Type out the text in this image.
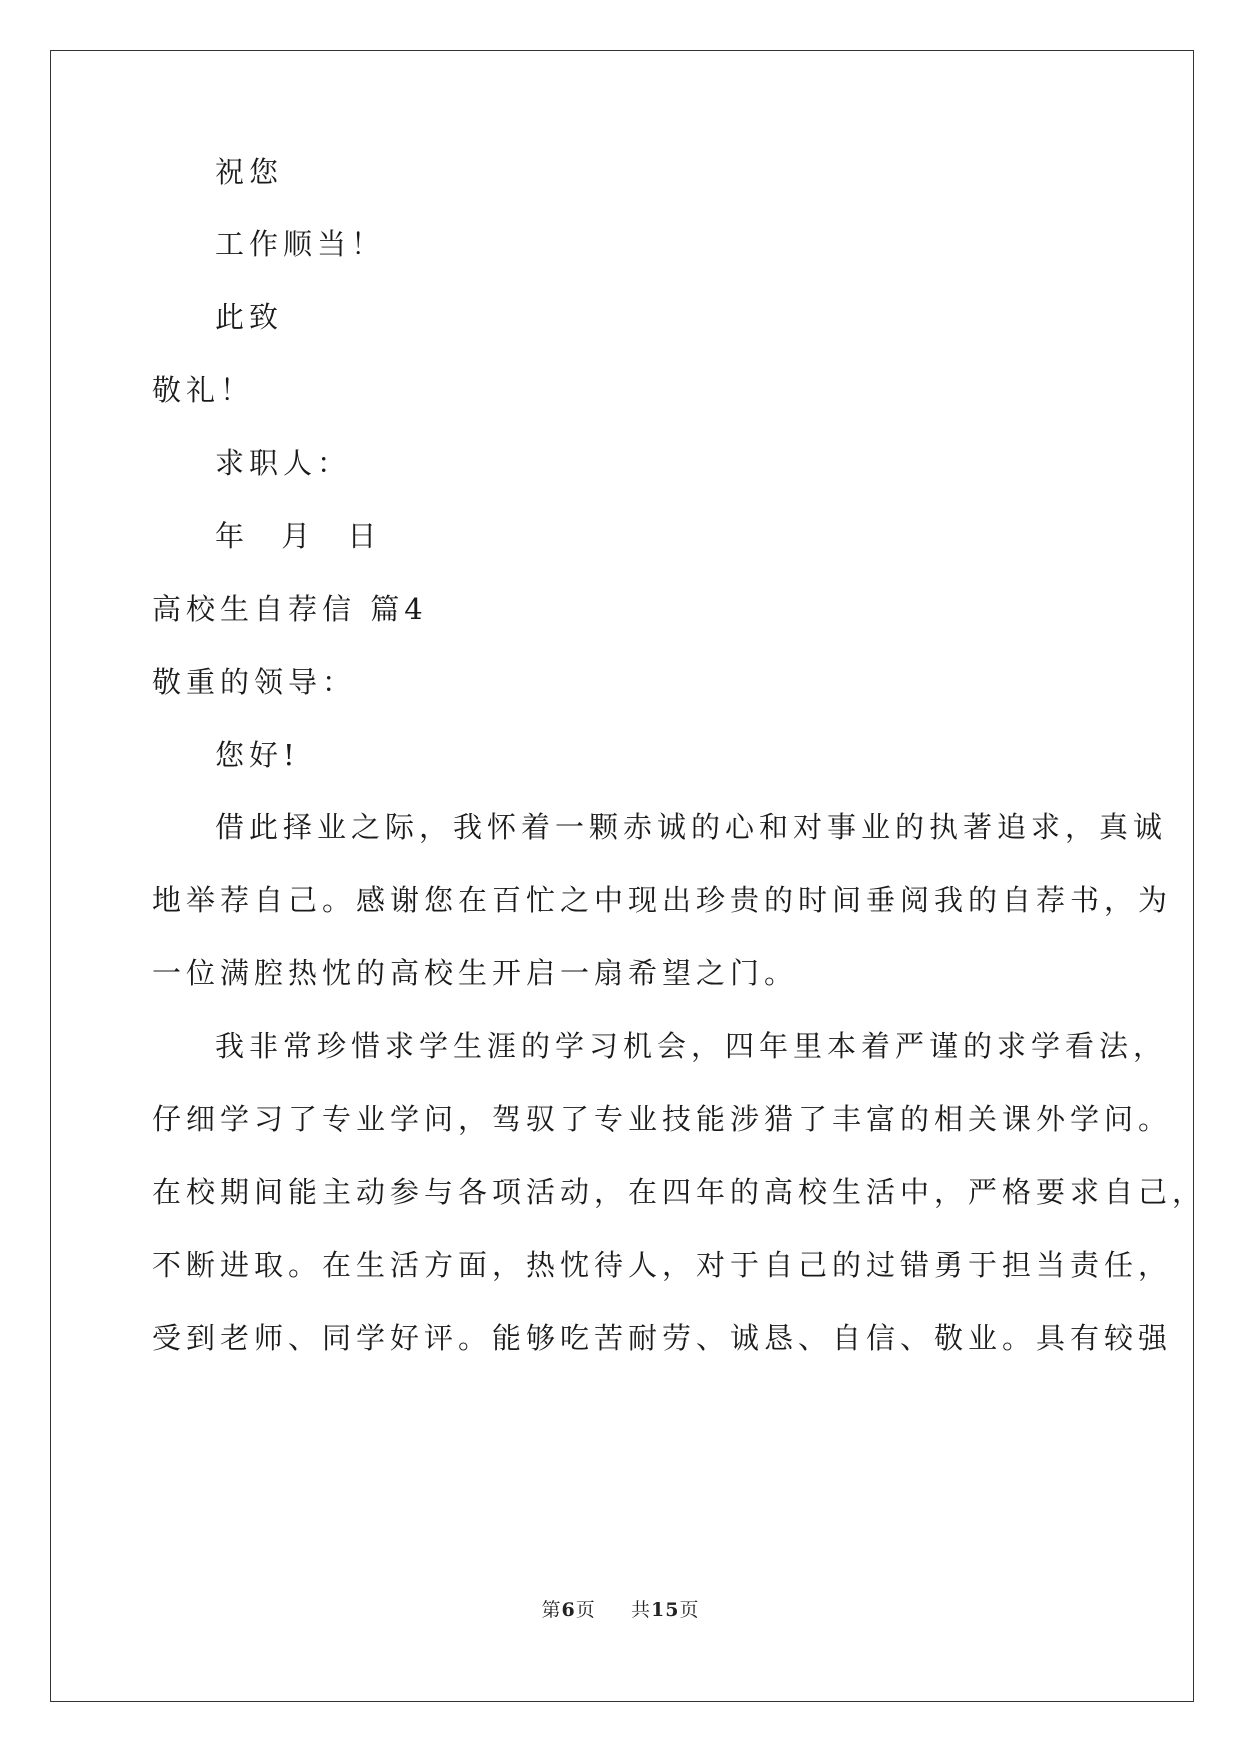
祝您
工作顺当！
此致
敬礼！
求职人：
年 月 日
高校生自荐信 篇4
敬重的领导：
您好!
借此择业之际，我怀着一颗赤诚的心和对事业的执著追求，真诚
地举荐自己。感谢您在百忙之中现出珍贵的时间垂阅我的自荐书，为
一位满腔热忱的高校生开启一扇希望之门。
我非常珍惜求学生涯的学习机会，四年里本着严谨的求学看法，
仔细学习了专业学问，驾驭了专业技能涉猎了丰富的相关课外学问。
在校期间能主动参与各项活动，在四年的高校生活中，严格要求自己，
不断进取。在生活方面，热忱待人，对于自己的过错勇于担当责任，
受到老师、同学好评。能够吃苦耐劳、诚恳、自信、敬业。具有较强
第6页 共15页
